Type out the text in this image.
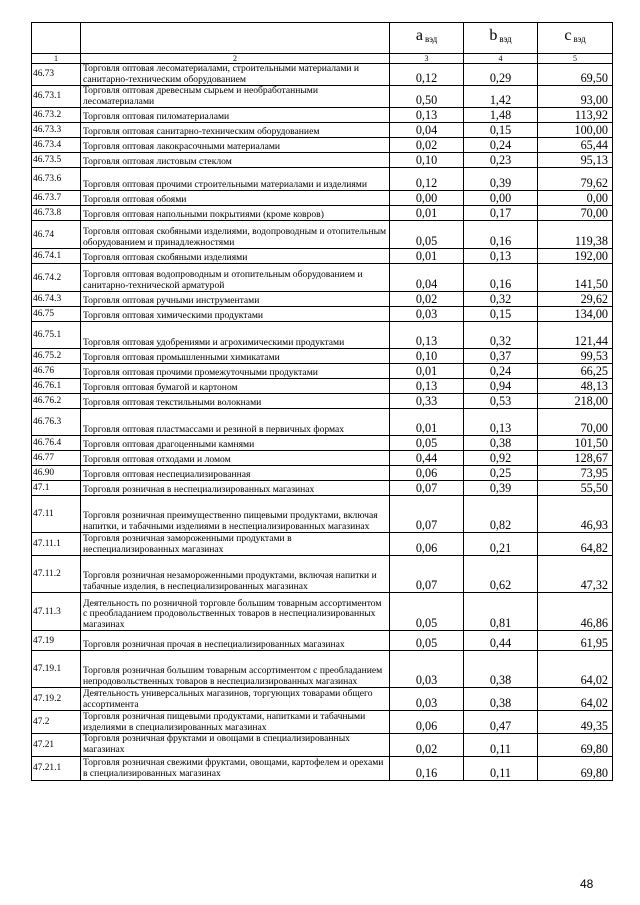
		a $_{вэд}$	b $_{вэд}$	c $_{вэд}$
1	2	3	4	5
46.73	Торговля оптовая лесоматериалами, строительными материалами и санитарно-техническим оборудованием	0,12	0,29	69,50
46.73.1	Торговля оптовая древесным сырьем и необработанными лесоматериалами	0,50	1,42	93,00
46.73.2	Торговля оптовая пиломатериалами	0,13	1,48	113,92
46.73.3	Торговля оптовая санитарно-техническим оборудованием	0,04	0,15	100,00
46.73.4	Торговля оптовая лакокрасочными материалами	0,02	0,24	65,44
46.73.5	Торговля оптовая листовым стеклом	0,10	0,23	95,13
46.73.6	Торговля оптовая прочими строительными материалами и изделиями	0,12	0,39	79,62
46.73.7	Торговля оптовая обоями	0,00	0,00	0,00
46.73.8	Торговля оптовая напольными покрытиями (кроме ковров)	0,01	0,17	70,00
46.74	Торговля оптовая скобяными изделиями, водопроводным и отопительным оборудованием и принадлежностями	0,05	0,16	119,38
46.74.1	Торговля оптовая скобяными изделиями	0,01	0,13	192,00
46.74.2	Торговля оптовая водопроводным и отопительным оборудованием и санитарно-технической арматурой	0,04	0,16	141,50
46.74.3	Торговля оптовая ручными инструментами	0,02	0,32	29,62
46.75	Торговля оптовая химическими продуктами	0,03	0,15	134,00
46.75.1	Торговля оптовая удобрениями и агрохимическими продуктами	0,13	0,32	121,44
46.75.2	Торговля оптовая промышленными химикатами	0,10	0,37	99,53
46.76	Торговля оптовая прочими промежуточными продуктами	0,01	0,24	66,25
46.76.1	Торговля оптовая бумагой и картоном	0,13	0,94	48,13
46.76.2	Торговля оптовая текстильными волокнами	0,33	0,53	218,00
46.76.3	Торговля оптовая пластмассами и резиной в первичных формах	0,01	0,13	70,00
46.76.4	Торговля оптовая драгоценными камнями	0,05	0,38	101,50
46.77	Торговля оптовая отходами и ломом	0,44	0,92	128,67
46.90	Торговля оптовая неспециализированная	0,06	0,25	73,95
47.1	Торговля розничная в неспециализированных магазинах	0,07	0,39	55,50
47.11	Торговля розничная преимущественно пищевыми продуктами, включая напитки, и табачными изделиями в неспециализированных магазинах	0,07	0,82	46,93
47.11.1	Торговля розничная замороженными продуктами в неспециализированных магазинах	0,06	0,21	64,82
47.11.2	Торговля розничная незамороженными продуктами, включая напитки и табачные изделия, в неспециализированных магазинах	0,07	0,62	47,32
47.11.3	Деятельность по розничной торговле большим товарным ассортиментом с преобладанием продовольственных товаров в неспециализированных магазинах	0,05	0,81	46,86
47.19	Торговля розничная прочая в неспециализированных магазинах	0,05	0,44	61,95
47.19.1	Торговля розничная большим товарным ассортиментом с преобладанием непродовольственных товаров в неспециализированных магазинах	0,03	0,38	64,02
47.19.2	Деятельность универсальных магазинов, торгующих товарами общего ассортимента	0,03	0,38	64,02
47.2	Торговля розничная пищевыми продуктами, напитками и табачными изделиями в специализированных магазинах	0,06	0,47	49,35
47.21	Торговля розничная фруктами и овощами в специализированных магазинах	0,02	0,11	69,80
47.21.1	Торговля розничная свежими фруктами, овощами, картофелем и орехами в специализированных магазинах	0,16	0,11	69,80
48
